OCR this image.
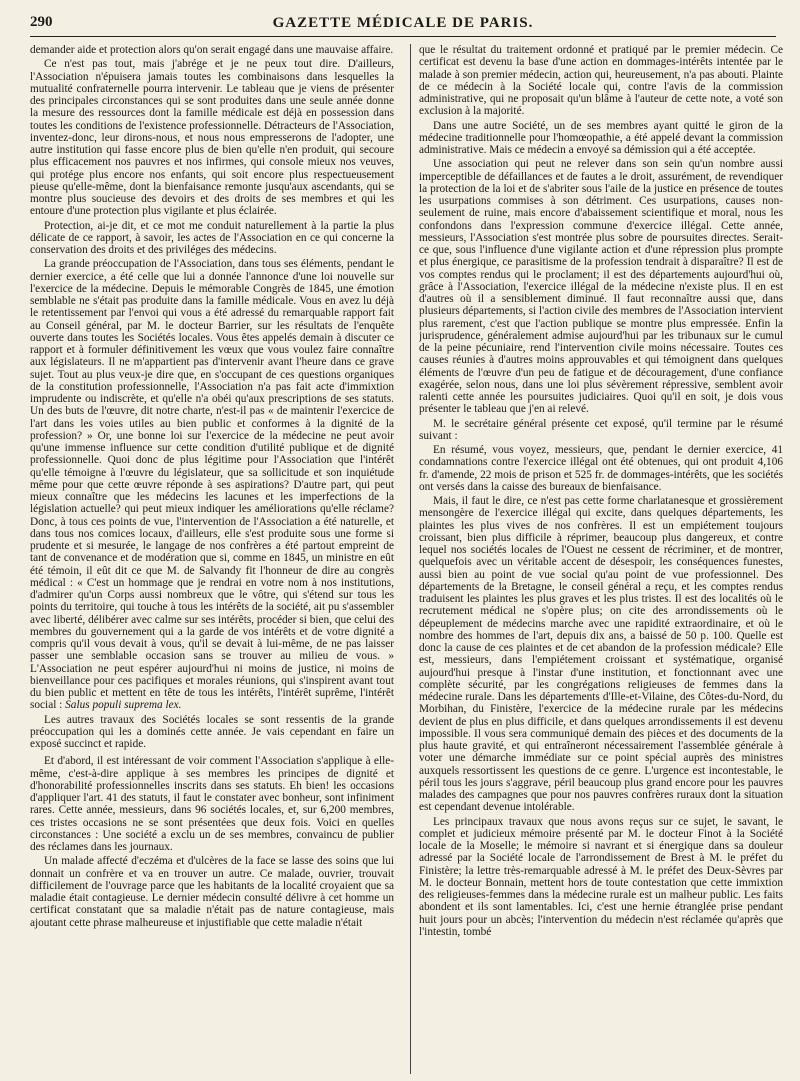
290	GAZETTE MÉDICALE DE PARIS.

demander aide et protection alors qu'on serait engagé dans une mauvaise affaire.

Ce n'est pas tout, mais j'abrége et je ne peux tout dire. D'ailleurs, l'Association n'épuisera jamais toutes les combinaisons dans lesquelles la mutualité confraternelle pourra intervenir. Le tableau que je viens de présenter des principales circonstances qui se sont produites dans une seule année donne la mesure des ressources dont la famille médicale est déjà en possession dans toutes les conditions de l'existence professionnelle. Détracteurs de l'Association, inventez-donc, leur dirons-nous, et nous nous empresserons de l'adopter, une autre institution qui fasse encore plus de bien qu'elle n'en produit, qui secoure plus efficacement nos pauvres et nos infirmes, qui console mieux nos veuves, qui protége plus encore nos enfants, qui soit encore plus respectueusement pieuse qu'elle-même, dont la bienfaisance remonte jusqu'aux ascendants, qui se montre plus soucieuse des devoirs et des droits de ses membres et qui les entoure d'une protection plus vigilante et plus éclairée.

Protection, ai-je dit, et ce mot me conduit naturellement à la partie la plus délicate de ce rapport, à savoir, les actes de l'Association en ce qui concerne la conservation des droits et des priviléges des médecins.

La grande préoccupation de l'Association, dans tous ses éléments, pendant le dernier exercice, a été celle que lui a donnée l'annonce d'une loi nouvelle sur l'exercice de la médecine. Depuis le mémorable Congrès de 1845, une émotion semblable ne s'était pas produite dans la famille médicale. Vous en avez lu déjà le retentissement par l'envoi qui vous a été adressé du remarquable rapport fait au Conseil général, par M. le docteur Barrier, sur les résultats de l'enquête ouverte dans toutes les Sociétés locales. Vous êtes appelés demain à discuter ce rapport et à formuler définitivement les vœux que vous voulez faire connaître aux législateurs. Il ne m'appartient pas d'intervenir avant l'heure dans ce grave sujet. Tout au plus veux-je dire que, en s'occupant de ces questions organiques de la constitution professionnelle, l'Association n'a pas fait acte d'immixtion imprudente ou indiscrète, et qu'elle n'a obéi qu'aux prescriptions de ses statuts. Un des buts de l'œuvre, dit notre charte, n'est-il pas « de maintenir l'exercice de l'art dans les voies utiles au bien public et conformes à la dignité de la profession? » Or, une bonne loi sur l'exercice de la médecine ne peut avoir qu'une immense influence sur cette condition d'utilité publique et de dignité professionnelle. Quoi donc de plus légitime pour l'Association que l'intérêt qu'elle témoigne à l'œuvre du législateur, que sa sollicitude et son inquiétude même pour que cette œuvre réponde à ses aspirations? D'autre part, qui peut mieux connaître que les médecins les lacunes et les imperfections de la législation actuelle? qui peut mieux indiquer les améliorations qu'elle réclame? Donc, à tous ces points de vue, l'intervention de l'Association a été naturelle, et dans tous nos comices locaux, d'ailleurs, elle s'est produite sous une forme si prudente et si mesurée, le langage de nos confrères a été partout empreint de tant de convenance et de modération que si, comme en 1845, un ministre en eût été témoin, il eût dit ce que M. de Salvandy fit l'honneur de dire au congrès médical : « C'est un hommage que je rendrai en votre nom à nos institutions, d'admirer qu'un Corps aussi nombreux que le vôtre, qui s'étend sur tous les points du territoire, qui touche à tous les intérêts de la société, ait pu s'assembler avec liberté, délibérer avec calme sur ses intérêts, procéder si bien, que celui des membres du gouvernement qui a la garde de vos intérêts et de votre dignité a compris qu'il vous devait à vous, qu'il se devait à lui-même, de ne pas laisser passer une semblable occasion sans se trouver au milieu de vous. » L'Association ne peut espérer aujourd'hui ni moins de justice, ni moins de bienveillance pour ces pacifiques et morales réunions, qui s'inspirent avant tout du bien public et mettent en tête de tous les intérêts, l'intérêt suprême, l'intérêt social : Salus populi suprema lex.

Les autres travaux des Sociétés locales se sont ressentis de la grande préoccupation qui les a dominés cette année. Je vais cependant en faire un exposé succinct et rapide.

Et d'abord, il est intéressant de voir comment l'Association s'applique à elle-même, c'est-à-dire applique à ses membres les principes de dignité et d'honorabilité professionnelles inscrits dans ses statuts. Eh bien! les occasions d'appliquer l'art. 41 des statuts, il faut le constater avec bonheur, sont infiniment rares. Cette année, messieurs, dans 96 sociétés locales, et, sur 6,200 membres, ces tristes occasions ne se sont présentées que deux fois. Voici en quelles circonstances : Une société a exclu un de ses membres, convaincu de publier des réclames dans les journaux.

Un malade affecté d'eczéma et d'ulcères de la face se lasse des soins que lui donnait un confrère et va en trouver un autre. Ce malade, ouvrier, trouvait difficilement de l'ouvrage parce que les habitants de la localité croyaient que sa maladie était contagieuse. Le dernier médecin consulté délivre à cet homme un certificat constatant que sa maladie n'était pas de nature contagieuse, mais ajoutant cette phrase malheureuse et injustifiable que cette maladie n'était

que le résultat du traitement ordonné et pratiqué par le premier médecin. Ce certificat est devenu la base d'une action en dommages-intérêts intentée par le malade à son premier médecin, action qui, heureusement, n'a pas abouti. Plainte de ce médecin à la Société locale qui, contre l'avis de la commission administrative, qui ne proposait qu'un blâme à l'auteur de cette note, a voté son exclusion à la majorité.

Dans une autre Société, un de ses membres ayant quitté le giron de la médecine traditionnelle pour l'homœopathie, a été appelé devant la commission administrative. Mais ce médecin a envoyé sa démission qui a été acceptée.

Une association qui peut ne relever dans son sein qu'un nombre aussi imperceptible de défaillances et de fautes a le droit, assurément, de revendiquer la protection de la loi et de s'abriter sous l'aile de la justice en présence de toutes les usurpations commises à son détriment. Ces usurpations, causes non-seulement de ruine, mais encore d'abaissement scientifique et moral, nous les confondons dans l'expression commune d'exercice illégal. Cette année, messieurs, l'Association s'est montrée plus sobre de poursuites directes. Serait-ce que, sous l'influence d'une vigilante action et d'une répression plus prompte et plus énergique, ce parasitisme de la profession tendrait à disparaître? Il est de vos comptes rendus qui le proclament; il est des départements aujourd'hui où, grâce à l'Association, l'exercice illégal de la médecine n'existe plus. Il en est d'autres où il a sensiblement diminué. Il faut reconnaître aussi que, dans plusieurs départements, si l'action civile des membres de l'Association intervient plus rarement, c'est que l'action publique se montre plus empressée. Enfin la jurisprudence, généralement admise aujourd'hui par les tribunaux sur le cumul de la peine pécuniaire, rend l'intervention civile moins nécessaire. Toutes ces causes réunies à d'autres moins approuvables et qui témoignent dans quelques éléments de l'œuvre d'un peu de fatigue et de découragement, d'une confiance exagérée, selon nous, dans une loi plus sévèrement répressive, semblent avoir ralenti cette année les poursuites judiciaires. Quoi qu'il en soit, je dois vous présenter le tableau que j'en ai relevé.

M. le secrétaire général présente cet exposé, qu'il termine par le résumé suivant :

En résumé, vous voyez, messieurs, que, pendant le dernier exercice, 41 condamnations contre l'exercice illégal ont été obtenues, qui ont produit 4,106 fr. d'amende, 22 mois de prison et 525 fr. de dommages-intérêts, que les sociétés ont versés dans la caisse des bureaux de bienfaisance.

Mais, il faut le dire, ce n'est pas cette forme charlatanesque et grossièrement mensongère de l'exercice illégal qui excite, dans quelques départements, les plaintes les plus vives de nos confrères. Il est un empiétement toujours croissant, bien plus difficile à réprimer, beaucoup plus dangereux, et contre lequel nos sociétés locales de l'Ouest ne cessent de récriminer, et de montrer, quelquefois avec un véritable accent de désespoir, les conséquences funestes, aussi bien au point de vue social qu'au point de vue professionnel. Des départements de la Bretagne, le conseil général a reçu, et les comptes rendus traduisent les plaintes les plus graves et les plus tristes. Il est des localités où le recrutement médical ne s'opère plus; on cite des arrondissements où le dépeuplement de médecins marche avec une rapidité extraordinaire, et où le nombre des hommes de l'art, depuis dix ans, a baissé de 50 p. 100. Quelle est donc la cause de ces plaintes et de cet abandon de la profession médicale? Elle est, messieurs, dans l'empiétement croissant et systématique, organisé aujourd'hui presque à l'instar d'une institution, et fonctionnant avec une complète sécurité, par les congrégations religieuses de femmes dans la médecine rurale. Dans les départements d'Ille-et-Vilaine, des Côtes-du-Nord, du Morbihan, du Finistère, l'exercice de la médecine rurale par les médecins devient de plus en plus difficile, et dans quelques arrondissements il est devenu impossible. Il vous sera communiqué demain des pièces et des documents de la plus haute gravité, et qui entraîneront nécessairement l'assemblée générale à voter une démarche immédiate sur ce point spécial auprès des ministres auxquels ressortissent les questions de ce genre. L'urgence est incontestable, le péril tous les jours s'aggrave, péril beaucoup plus grand encore pour les pauvres malades des campagnes que pour nos pauvres confrères ruraux dont la situation est cependant devenue intolérable.

Les principaux travaux que nous avons reçus sur ce sujet, le savant, le complet et judicieux mémoire présenté par M. le docteur Finot à la Société locale de la Moselle; le mémoire si navrant et si énergique dans sa douleur adressé par la Société locale de l'arrondissement de Brest à M. le préfet du Finistère; la lettre très-remarquable adressé à M. le préfet des Deux-Sèvres par M. le docteur Bonnain, mettent hors de toute contestation que cette immixtion des religieuses-femmes dans la médecine rurale est un malheur public. Les faits abondent et ils sont lamentables. Ici, c'est une hernie étranglée prise pendant huit jours pour un abcès; l'intervention du médecin n'est réclamée qu'après que l'intestin, tombé
